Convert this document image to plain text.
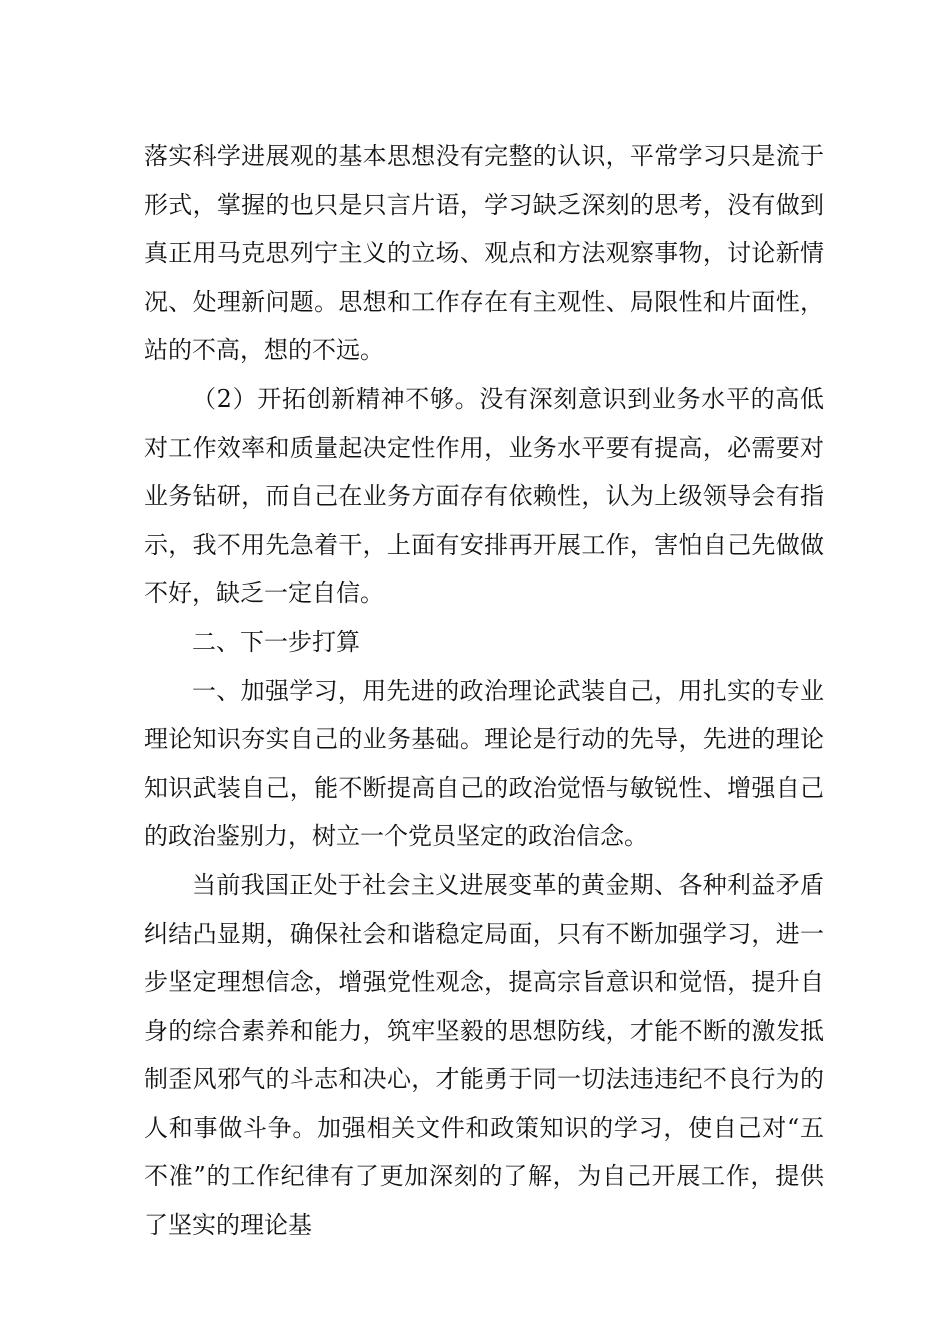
落实科学进展观的基本思想没有完整的认识，平常学习只是流于形式，掌握的也只是只言片语，学习缺乏深刻的思考，没有做到真正用马克思列宁主义的立场、观点和方法观察事物，讨论新情况、处理新问题。思想和工作存在有主观性、局限性和片面性，站的不高，想的不远。

（2）开拓创新精神不够。没有深刻意识到业务水平的高低对工作效率和质量起决定性作用，业务水平要有提高，必需要对业务钻研，而自己在业务方面存有依赖性，认为上级领导会有指示，我不用先急着干，上面有安排再开展工作，害怕自己先做做不好，缺乏一定自信。

二、下一步打算

一、加强学习，用先进的政治理论武装自己，用扎实的专业理论知识夯实自己的业务基础。理论是行动的先导，先进的理论知识武装自己，能不断提高自己的政治觉悟与敏锐性、增强自己的政治鉴别力，树立一个党员坚定的政治信念。

当前我国正处于社会主义进展变革的黄金期、各种利益矛盾纠结凸显期，确保社会和谐稳定局面，只有不断加强学习，进一步坚定理想信念，增强党性观念，提高宗旨意识和觉悟，提升自身的综合素养和能力，筑牢坚毅的思想防线，才能不断的激发抵制歪风邪气的斗志和决心，才能勇于同一切法违违纪不良行为的人和事做斗争。加强相关文件和政策知识的学习，使自己对“五不准”的工作纪律有了更加深刻的了解，为自己开展工作，提供了坚实的理论基
